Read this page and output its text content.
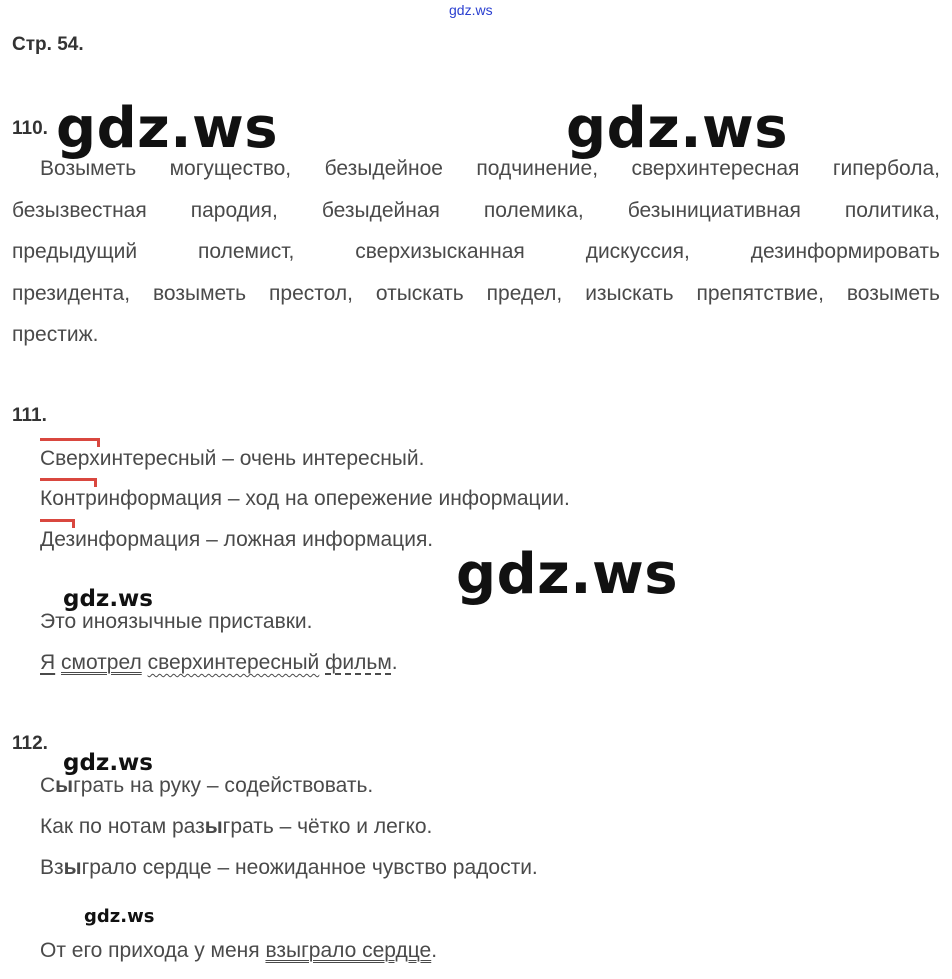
gdz.ws
gdz.ws	gdz.ws
gdz.ws
gdz.ws
gdz.ws
gdz.ws
Стр. 54.
110.
Возыметь могущество, безыдейное подчинение, сверхинтересная гипербола,
безызвестная пародия, безыдейная полемика, безынициативная политика,
предыдущий	полемист,	сверхизысканная	дискуссия,	дезинформировать
президента, возыметь престол, отыскать предел, изыскать препятствие, возыметь
престиж.
111.
Сверхинтересный – очень интересный.
Контринформация – ход на опережение информации.
Дезинформация – ложная информация.
Это иноязычные приставки.
Я смотрел сверхинтересный фильм.
112.
Сыграть на руку – содействовать.
Как по нотам разыграть – чётко и легко.
Взыграло сердце – неожиданное чувство радости.
От его прихода у меня взыграло сердце.
